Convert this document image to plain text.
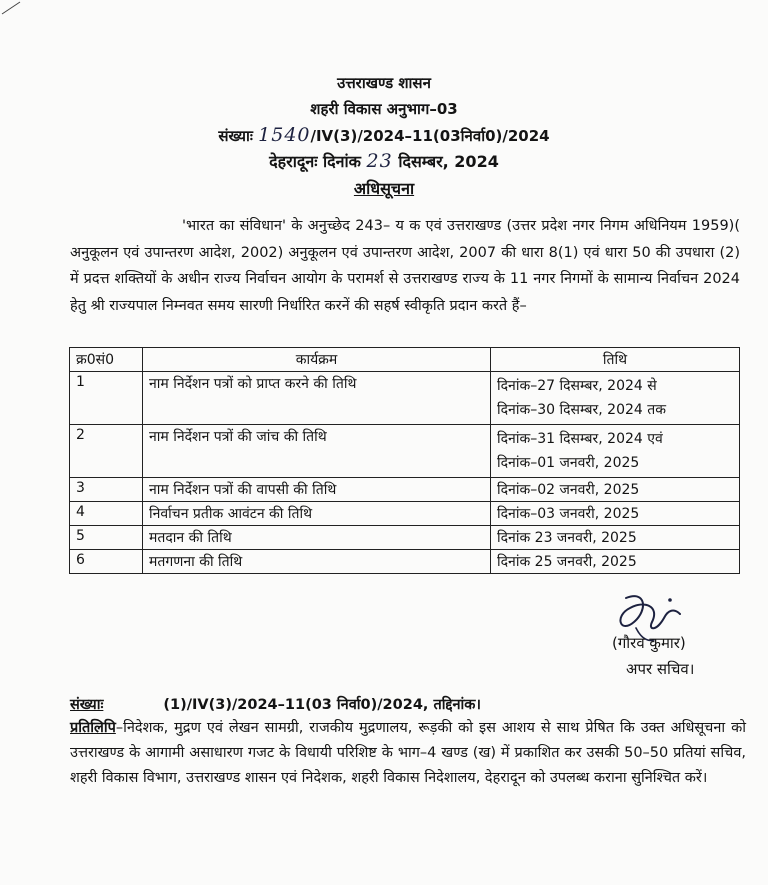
उत्तराखण्ड शासन
शहरी विकास अनुभाग–03
संख्याः 1540/IV(3)/2024–11(03निर्वा0)/2024
देहरादूनः दिनांक 23 दिसम्बर, 2024
अधिसूचना
'भारत का संविधान' के अनुच्छेद 243– य क एवं उत्तराखण्ड (उत्तर प्रदेश नगर निगम अधिनियम 1959)( अनुकूलन एवं उपान्तरण आदेश, 2002) अनुकूलन एवं उपान्तरण आदेश, 2007 की धारा 8(1) एवं धारा 50 की उपधारा (2) में प्रदत्त शक्तियों के अधीन राज्य निर्वाचन आयोग के परामर्श से उत्तराखण्ड राज्य के 11 नगर निगमों के सामान्य निर्वाचन 2024 हेतु श्री राज्यपाल निम्नवत समय सारणी निर्धारित करनें की सहर्ष स्वीकृति प्रदान करते हैं–
क्र0सं0	कार्यक्रम	तिथि
1	नाम निर्देशन पत्रों को प्राप्त करने की तिथि	दिनांक–27 दिसम्बर, 2024 से
दिनांक–30 दिसम्बर, 2024 तक

2	नाम निर्देशन पत्रों की जांच की तिथि	दिनांक–31 दिसम्बर, 2024 एवं
दिनांक–01 जनवरी, 2025

3	नाम निर्देशन पत्रों की वापसी की तिथि	दिनांक–02 जनवरी, 2025
4	निर्वाचन प्रतीक आवंटन की तिथि	दिनांक–03 जनवरी, 2025
5	मतदान की तिथि	दिनांक 23 जनवरी, 2025
6	मतगणना की तिथि	दिनांक 25 जनवरी, 2025
(गौरव कुमार)
अपर सचिव।
संख्याः	(1)/IV(3)/2024–11(03 निर्वा0)/2024, तद्दिनांक।
प्रतिलिपि–निदेशक, मुद्रण एवं लेखन सामग्री, राजकीय मुद्रणालय, रूड़की को इस आशय से साथ प्रेषित कि उक्त अधिसूचना को उत्तराखण्ड के आगामी असाधारण गजट के विधायी परिशिष्ट के भाग–4 खण्ड (ख) में प्रकाशित कर उसकी 50–50 प्रतियां सचिव, शहरी विकास विभाग, उत्तराखण्ड शासन एवं निदेशक, शहरी विकास निदेशालय, देहरादून को उपलब्ध कराना सुनिश्चित करें।
